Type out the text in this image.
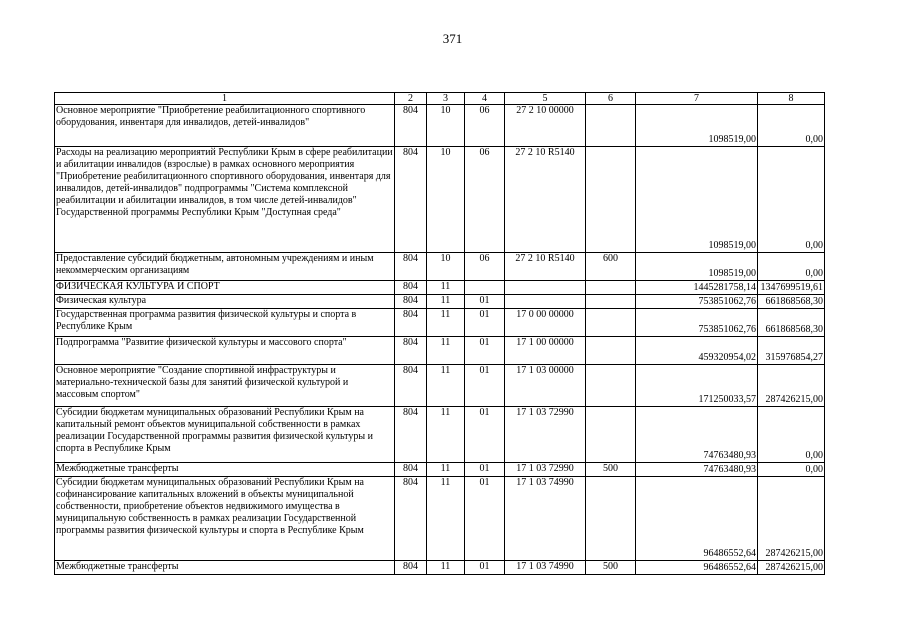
371
1	2	3	4	5	6	7	8
Основное мероприятие "Приобретение реабилитационного спортивного оборудования, инвентаря для инвалидов, детей-инвалидов"	804	10	06	27 2 10 00000		1098519,00	0,00
Расходы на реализацию мероприятий Республики Крым в сфере реабилитации и абилитации инвалидов (взрослые) в рамках основного мероприятия "Приобретение реабилитационного спортивного оборудования, инвентаря для инвалидов, детей-инвалидов" подпрограммы "Система комплексной реабилитации и абилитации инвалидов, в том числе детей-инвалидов" Государственной программы Республики Крым "Доступная среда"	804	10	06	27 2 10 R5140		1098519,00	0,00
Предоставление субсидий бюджетным, автономным учреждениям и иным некоммерческим организациям	804	10	06	27 2 10 R5140	600	1098519,00	0,00
ФИЗИЧЕСКАЯ КУЛЬТУРА И СПОРТ	804	11				1445281758,14	1347699519,61
Физическая культура	804	11	01			753851062,76	661868568,30
Государственная программа развития физической культуры и спорта в Республике Крым	804	11	01	17 0 00 00000		753851062,76	661868568,30
Подпрограмма "Развитие физической культуры и массового спорта"	804	11	01	17 1 00 00000		459320954,02	315976854,27
Основное мероприятие "Создание спортивной инфраструктуры и материально-технической базы для занятий физической культурой и массовым спортом"	804	11	01	17 1 03 00000		171250033,57	287426215,00
Субсидии бюджетам муниципальных образований Республики Крым на капитальный ремонт объектов муниципальной собственности в рамках реализации Государственной программы развития физической культуры и спорта в Республике Крым	804	11	01	17 1 03 72990		74763480,93	0,00
Межбюджетные трансферты	804	11	01	17 1 03 72990	500	74763480,93	0,00
Субсидии бюджетам муниципальных образований Республики Крым на софинансирование капитальных вложений в объекты муниципальной собственности, приобретение объектов недвижимого имущества в муниципальную собственность в рамках реализации Государственной программы развития физической культуры и спорта в Республике Крым	804	11	01	17 1 03 74990		96486552,64	287426215,00
Межбюджетные трансферты	804	11	01	17 1 03 74990	500	96486552,64	287426215,00
